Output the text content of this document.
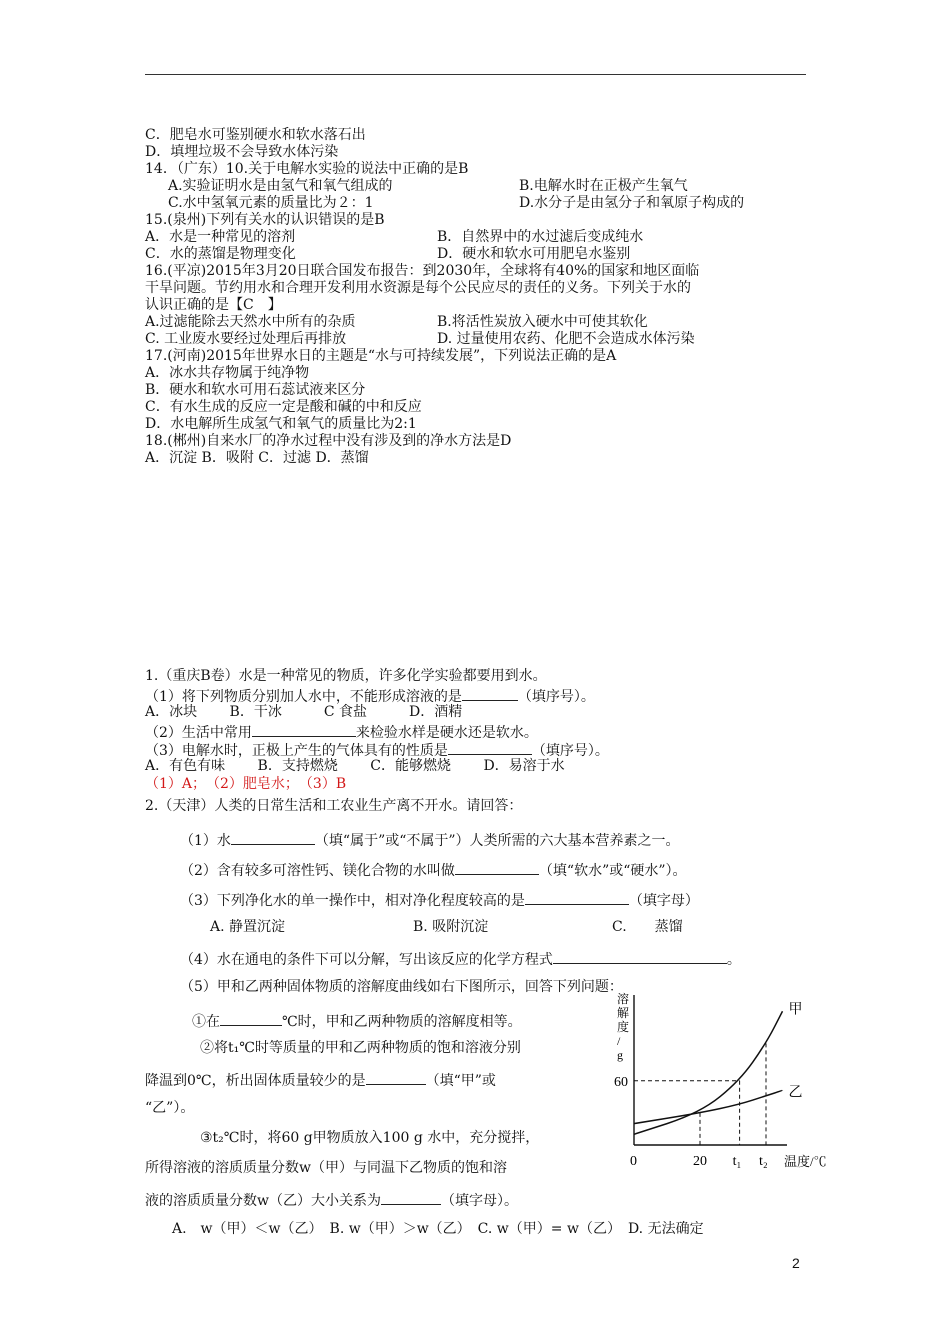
C．肥皂水可鉴别硬水和软水落石出
D．填埋垃圾不会导致水体污染
14．（广东）10.关于电解水实验的说法中正确的是B
A.实验证明水是由氢气和氧气组成的	B.电解水时在正极产生氧气
C.水中氢氧元素的质量比为２：1	D.水分子是由氢分子和氧原子构成的
15.(泉州)下列有关水的认识错误的是B
A．水是一种常见的溶剂	B．自然界中的水过滤后变成纯水
C．水的蒸馏是物理变化	D．硬水和软水可用肥皂水鉴别
16.(平凉)2015年3月20日联合国发布报告：到2030年，全球将有40%的国家和地区面临
干旱问题。节约用水和合理开发利用水资源是每个公民应尽的责任的义务。下列关于水的
认识正确的是【C　】
A.过滤能除去天然水中所有的杂质	B.将活性炭放入硬水中可使其软化
C. 工业废水要经过处理后再排放	D. 过量使用农药、化肥不会造成水体污染
17.(河南)2015年世界水日的主题是“水与可持续发展”，下列说法正确的是A
A．冰水共存物属于纯净物
B．硬水和软水可用石蕊试液来区分
C．有水生成的反应一定是酸和碱的中和反应
D．水电解所生成氢气和氧气的质量比为2:1
18.(郴州)自来水厂的净水过程中没有涉及到的净水方法是D
A．沉淀 B．吸附 C．过滤 D．蒸馏
1.（重庆B卷）水是一种常见的物质，许多化学实验都要用到水。
（1）将下列物质分别加人水中，不能形成溶液的是	（填序号）。
A．冰块　　 B．干冰　　　C 食盐　　　D．酒精
（2）生活中常用	来检验水样是硬水还是软水。
（3）电解水时，正极上产生的气体具有的性质是	（填序号）。
A．有色有味　　 B．支持燃烧　　 C．能够燃烧　　 D．易溶于水
（1）A；　（2）肥皂水；　（3）B
2.（天津）人类的日常生活和工农业生产离不开水。请回答：
（1）水	（填“属于”或“不属于”）人类所需的六大基本营养素之一。
（2）含有较多可溶性钙、镁化合物的水叫做	（填“软水”或“硬水”）。
（3）下列净化水的单一操作中，相对净化程度较高的是	（填字母）
A. 静置沉淀	B. 吸附沉淀	C.　　蒸馏
（4）水在通电的条件下可以分解，写出该反应的化学方程式	。
（5）甲和乙两种固体物质的溶解度曲线如右下图所示，回答下列问题：
①在	℃时，甲和乙两种物质的溶解度相等。
②将t₁℃时等质量的甲和乙两种物质的饱和溶液分别
降温到0℃，析出固体质量较少的是	（填“甲”或
“乙”）。
③t₂℃时，将60 g甲物质放入100 g 水中，充分搅拌，
所得溶液的溶质质量分数w（甲）与同温下乙物质的饱和溶
液的溶质质量分数w（乙）大小关系为	（填字母）。
A.　w（甲）＜w（乙）　B. w（甲）＞w（乙）　C. w（甲）= w（乙）　D. 无法确定
溶解度/ g
温度/℃
甲
乙
0	20 t₁ t₂
60
2
